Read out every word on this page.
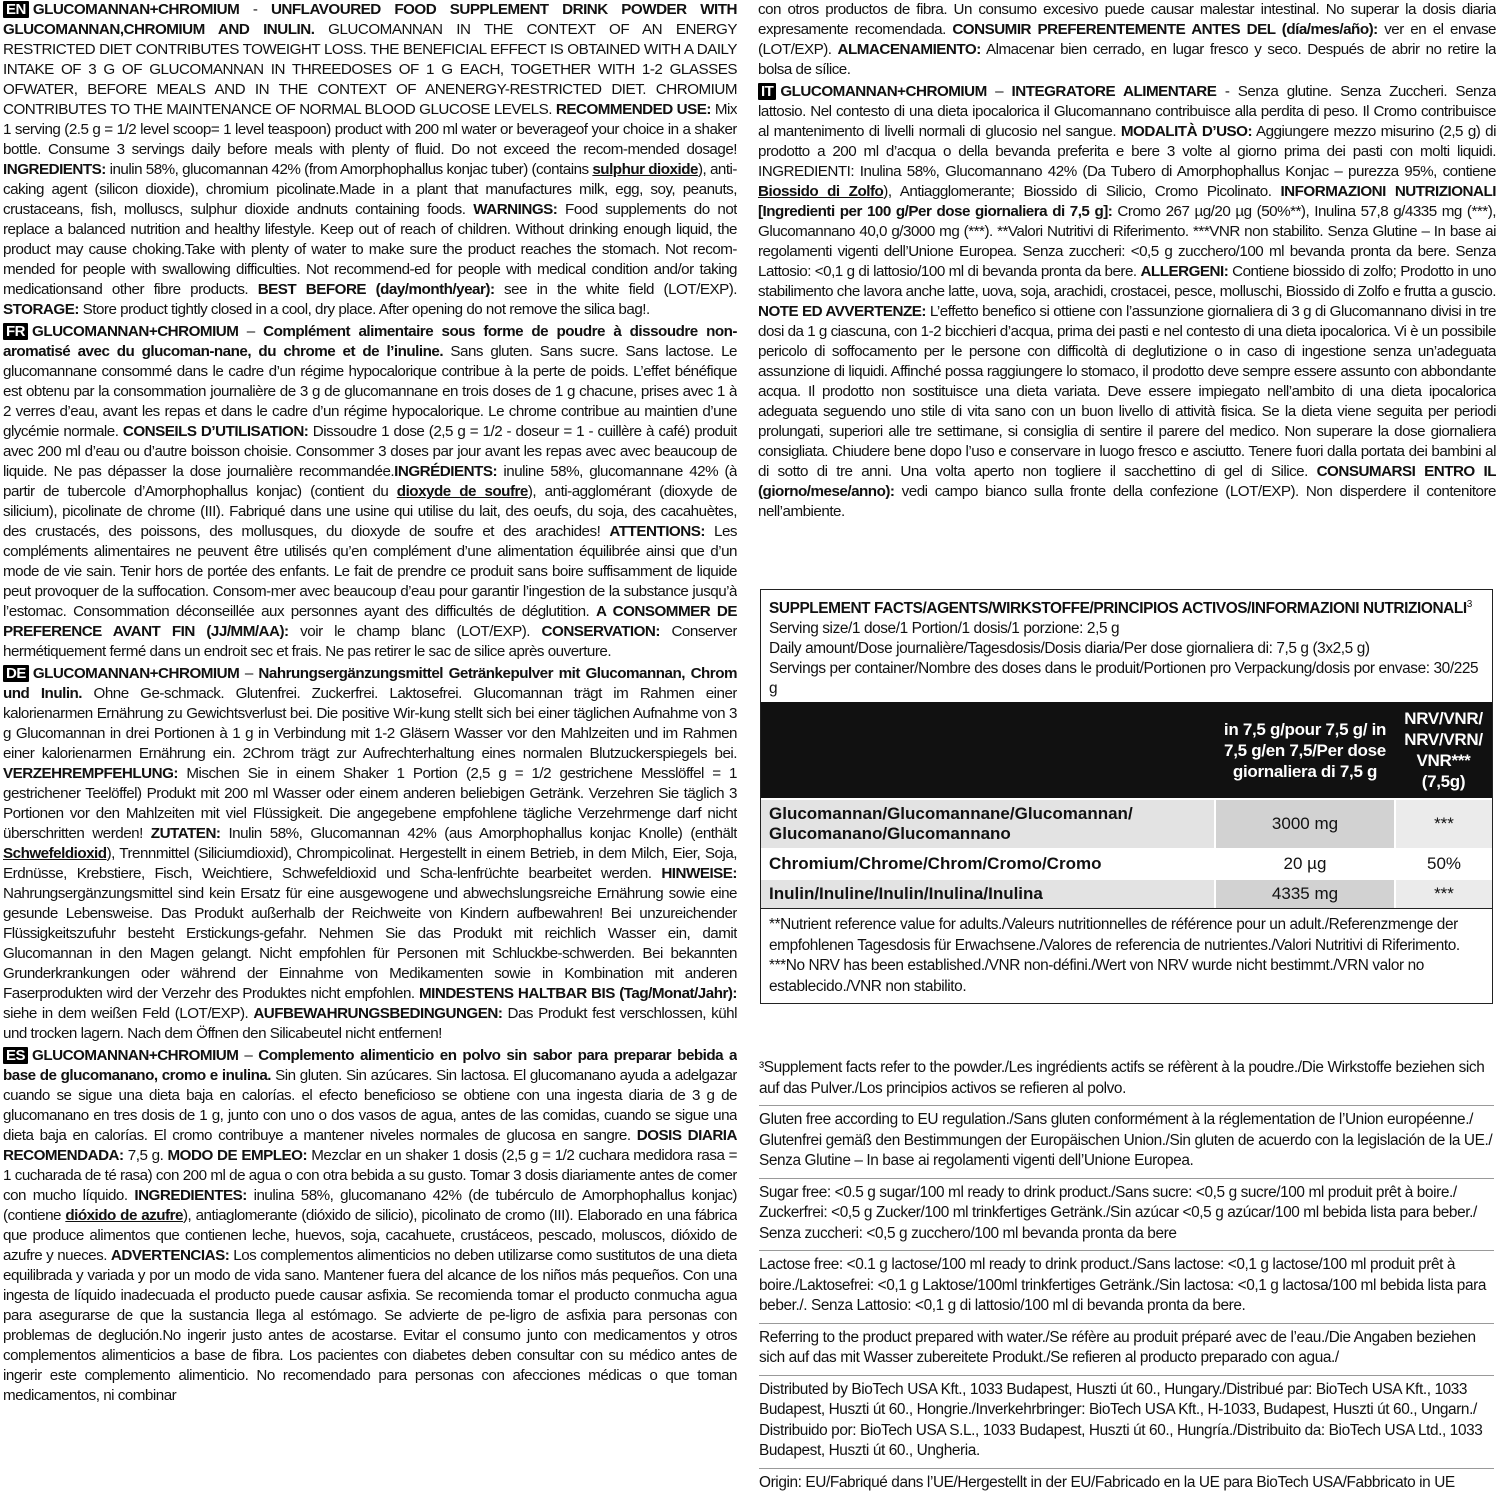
EN GLUCOMANNAN+CHROMIUM - UNFLAVOURED FOOD SUPPLEMENT DRINK POWDER WITH GLUCOMANNAN,CHROMIUM AND INULIN. GLUCOMANNAN IN THE CONTEXT OF AN ENERGY RESTRICTED DIET CONTRIBUTES TOWEIGHT LOSS. THE BENEFICIAL EFFECT IS OBTAINED WITH A DAILY INTAKE OF 3 G OF GLUCOMANNAN IN THREEDOSES OF 1 G EACH, TOGETHER WITH 1-2 GLASSES OFWATER, BEFORE MEALS AND IN THE CONTEXT OF ANENERGY-RESTRICTED DIET. CHROMIUM CONTRIBUTES TO THE MAINTENANCE OF NORMAL BLOOD GLUCOSE LEVELS. RECOMMENDED USE: Mix 1 serving (2.5 g = 1/2 level scoop= 1 level teaspoon) product with 200 ml water or beverageof your choice in a shaker bottle. Consume 3 servings daily before meals with plenty of fluid. Do not exceed the recom-mended dosage! INGREDIENTS: inulin 58%, glucomannan 42% (from Amorphophallus konjac tuber) (contains sulphur dioxide), anti-caking agent (silicon dioxide), chromium picolinate.Made in a plant that manufactures milk, egg, soy, peanuts, crustaceans, fish, molluscs, sulphur dioxide andnuts containing foods. WARNINGS: Food supplements do not replace a balanced nutrition and healthy lifestyle. Keep out of reach of children. Without drinking enough liquid, the product may cause choking.Take with plenty of water to make sure the product reaches the stomach. Not recom-mended for people with swallowing difficulties. Not recommend-ed for people with medical condition and/or taking medicationsand other fibre products. BEST BEFORE (day/month/year): see in the white field (LOT/EXP). STORAGE: Store product tightly closed in a cool, dry place. After opening do not remove the silica bag!.

FR GLUCOMANNAN+CHROMIUM – Complément alimentaire sous forme de poudre à dissoudre non-aromatisé avec du glucoman-nane, du chrome et de l’inuline. Sans gluten. Sans sucre. Sans lactose. Le glucomannane consommé dans le cadre d’un régime hypocalorique contribue à la perte de poids. L’effet bénéfique est obtenu par la consommation journalière de 3 g de glucomannane en trois doses de 1 g chacune, prises avec 1 à 2 verres d’eau, avant les repas et dans le cadre d’un régime hypocalorique. Le chrome contribue au maintien d’une glycémie normale. CONSEILS D’UTILISATION: Dissoudre 1 dose (2,5 g = 1/2 - doseur = 1 - cuillère à café) produit avec 200 ml d’eau ou d’autre boisson choisie. Consommer 3 doses par jour avant les repas avec avec beaucoup de liquide. Ne pas dépasser la dose journalière recommandée.INGRÉDIENTS: inuline 58%, glucomannane 42% (à partir de tubercole d’Amorphophallus konjac) (contient du dioxyde de soufre), anti-agglomérant (dioxyde de silicium), picolinate de chrome (III). Fabriqué dans une usine qui utilise du lait, des oeufs, du soja, des cacahuètes, des crustacés, des poissons, des mollusques, du dioxyde de soufre et des arachides! ATTENTIONS: Les compléments alimentaires ne peuvent être utilisés qu’en complément d’une alimentation équilibrée ainsi que d’un mode de vie sain. Tenir hors de portée des enfants. Le fait de prendre ce produit sans boire suffisamment de liquide peut provoquer de la suffocation. Consom-mer avec beaucoup d’eau pour garantir l’ingestion de la substance jusqu’à l’estomac. Consommation déconseillée aux personnes ayant des difficultés de déglutition. A CONSOMMER DE PREFERENCE AVANT FIN (JJ/MM/AA): voir le champ blanc (LOT/EXP). CONSERVATION: Conserver hermétiquement fermé dans un endroit sec et frais. Ne pas retirer le sac de silice après ouverture.

DE GLUCOMANNAN+CHROMIUM – Nahrungsergänzungsmittel Getränkepulver mit Glucomannan, Chrom und Inulin. Ohne Ge-schmack. Glutenfrei. Zuckerfrei. Laktosefrei. Glucomannan trägt im Rahmen einer kalorienarmen Ernährung zu Gewichtsverlust bei. Die positive Wir-kung stellt sich bei einer täglichen Aufnahme von 3 g Glucomannan in drei Portionen à 1 g in Verbindung mit 1-2 Gläsern Wasser vor den Mahlzeiten und im Rahmen einer kalorienarmen Ernährung ein. 2Chrom trägt zur Aufrechterhaltung eines normalen Blutzuckerspiegels bei. VERZEHREMPFEHLUNG: Mischen Sie in einem Shaker 1 Portion (2,5 g = 1/2 gestrichene Messlöffel = 1 gestrichener Teelöffel) Produkt mit 200 ml Wasser oder einem anderen beliebigen Getränk. Verzehren Sie täglich 3 Portionen vor den Mahlzeiten mit viel Flüssigkeit. Die angegebene empfohlene tägliche Verzehrmenge darf nicht überschritten werden! ZUTATEN: Inulin 58%, Glucomannan 42% (aus Amorphophallus konjac Knolle) (enthält Schwefeldioxid), Trennmittel (Siliciumdioxid), Chrompicolinat. Hergestellt in einem Betrieb, in dem Milch, Eier, Soja, Erdnüsse, Krebstiere, Fisch, Weichtiere, Schwefeldioxid und Scha-lenfrüchte bearbeitet werden. HINWEISE: Nahrungsergänzungsmittel sind kein Ersatz für eine ausgewogene und abwechslungsreiche Ernährung sowie eine gesunde Lebensweise. Das Produkt außerhalb der Reichweite von Kindern aufbewahren! Bei unzureichender Flüssigkeitszufuhr besteht Erstickungs-gefahr. Nehmen Sie das Produkt mit reichlich Wasser ein, damit Glucomannan in den Magen gelangt. Nicht empfohlen für Personen mit Schluckbe-schwerden. Bei bekannten Grunderkrankungen oder während der Einnahme von Medikamenten sowie in Kombination mit anderen Faserprodukten wird der Verzehr des Produktes nicht empfohlen. MINDESTENS HALTBAR BIS (Tag/Monat/Jahr): siehe in dem weißen Feld (LOT/EXP). AUFBEWAHRUNGSBEDINGUNGEN: Das Produkt fest verschlossen, kühl und trocken lagern. Nach dem Öffnen den Silicabeutel nicht entfernen!

ES GLUCOMANNAN+CHROMIUM – Complemento alimenticio en polvo sin sabor para preparar bebida a base de glucomanano, cromo e inulina. Sin gluten. Sin azúcares. Sin lactosa. El glucomanano ayuda a adelgazar cuando se sigue una dieta baja en calorías. el efecto beneficioso se obtiene con una ingesta diaria de 3 g de glucomanano en tres dosis de 1 g, junto con uno o dos vasos de agua, antes de las comidas, cuando se sigue una dieta baja en calorías. El cromo contribuye a mantener niveles normales de glucosa en sangre. DOSIS DIARIA RECOMENDADA: 7,5 g. MODO DE EMPLEO: Mezclar en un shaker 1 dosis (2,5 g = 1/2 cuchara medidora rasa = 1 cucharada de té rasa) con 200 ml de agua o con otra bebida a su gusto. Tomar 3 dosis diariamente antes de comer con mucho líquido. INGREDIENTES: inulina 58%, glucomanano 42% (de tubérculo de Amorphophallus konjac) (contiene dióxido de azufre), antiaglomerante (dióxido de silicio), picolinato de cromo (III). Elaborado en una fábrica que produce alimentos que contienen leche, huevos, soja, cacahuete, crustáceos, pescado, moluscos, dióxido de azufre y nueces. ADVERTENCIAS: Los complementos alimenticios no deben utilizarse como sustitutos de una dieta equilibrada y variada y por un modo de vida sano. Mantener fuera del alcance de los niños más pequeños. Con una ingesta de líquido inadecuada el producto puede causar asfixia. Se recomienda tomar el producto conmucha agua para asegurarse de que la sustancia llega al estómago. Se advierte de pe-ligro de asfixia para personas con problemas de deglución.No ingerir justo antes de acostarse. Evitar el consumo junto con medicamentos y otros complementos alimenticios a base de fibra. Los pacientes con diabetes deben consultar con su médico antes de ingerir este complemento alimenticio. No recomendado para personas con afecciones médicas o que toman medicamentos, ni combinar

con otros productos de fibra. Un consumo excesivo puede causar malestar intestinal. No superar la dosis diaria expresamente recomendada. CONSUMIR PREFERENTEMENTE ANTES DEL (día/mes/año): ver en el envase (LOT/EXP). ALMACENAMIENTO: Almacenar bien cerrado, en lugar fresco y seco. Después de abrir no retire la bolsa de sílice.

IT GLUCOMANNAN+CHROMIUM – INTEGRATORE ALIMENTARE - Senza glutine. Senza Zuccheri. Senza lattosio. Nel contesto di una dieta ipocalorica il Glucomannano contribuisce alla perdita di peso. Il Cromo contribuisce al mantenimento di livelli normali di glucosio nel sangue. MODALITÀ D’USO: Aggiungere mezzo misurino (2,5 g) di prodotto a 200 ml d’acqua o della bevanda preferita e bere 3 volte al giorno prima dei pasti con molti liquidi. INGREDIENTI: Inulina 58%, Glucomannano 42% (Da Tubero di Amorphophallus Konjac – purezza 95%, contiene Biossido di Zolfo), Antiagglomerante; Biossido di Silicio, Cromo Picolinato. INFORMAZIONI NUTRIZIONALI [Ingredienti per 100 g/Per dose giornaliera di 7,5 g]: Cromo 267 µg/20 µg (50%**), Inulina 57,8 g/4335 mg (***), Glucomannano 40,0 g/3000 mg (***). **Valori Nutritivi di Riferimento. ***VNR non stabilito. Senza Glutine – In base ai regolamenti vigenti dell’Unione Europea. Senza zuccheri: <0,5 g zucchero/100 ml bevanda pronta da bere. Senza Lattosio: <0,1 g di lattosio/100 ml di bevanda pronta da bere. ALLERGENI: Contiene biossido di zolfo; Prodotto in uno stabilimento che lavora anche latte, uova, soja, arachidi, crostacei, pesce, molluschi, Biossido di Zolfo e frutta a guscio. NOTE ED AVVERTENZE: L’effetto benefico si ottiene con l’assunzione giornaliera di 3 g di Glucomannano divisi in tre dosi da 1 g ciascuna, con 1-2 bicchieri d’acqua, prima dei pasti e nel contesto di una dieta ipocalorica. Vi è un possibile pericolo di soffocamento per le persone con difficoltà di deglutizione o in caso di ingestione senza un’adeguata assunzione di liquidi. Affinché possa raggiungere lo stomaco, il prodotto deve sempre essere assunto con abbondante acqua. Il prodotto non sostituisce una dieta variata. Deve essere impiegato nell’ambito di una dieta ipocalorica adeguata seguendo uno stile di vita sano con un buon livello di attività fisica. Se la dieta viene seguita per periodi prolungati, superiori alle tre settimane, si consiglia di sentire il parere del medico. Non superare la dose giornaliera consigliata. Chiudere bene dopo l’uso e conservare in luogo fresco e asciutto. Tenere fuori dalla portata dei bambini al di sotto di tre anni. Una volta aperto non togliere il sacchettino di gel di Silice. CONSUMARSI ENTRO IL (giorno/mese/anno): vedi campo bianco sulla fronte della confezione (LOT/EXP). Non disperdere il contenitore nell’ambiente.

SUPPLEMENT FACTS/AGENTS/WIRKSTOFFE/PRINCIPIOS ACTIVOS/INFORMAZIONI NUTRIZIONALI$^3$
Serving size/1 dose/1 Portion/1 dosis/1 porzione: 2,5 g
Daily amount/Dose journalière/Tagesdosis/Dosis diaria/Per dose giornaliera di: 7,5 g (3x2,5 g)
Servings per container/Nombre des doses dans le produit/Portionen pro Verpackung/dosis por envase: 30/225 g
	in 7,5 g/pour 7,5 g/ in 7,5 g/en 7,5/Per dose giornaliera di 7,5 g	NRV/VNR/ NRV/VRN/ VNR*** (7,5g)
Glucomannan/Glucomannane/Glucomannan/ Glucomanano/Glucomannano	3000 mg	***
Chromium/Chrome/Chrom/Cromo/Cromo	20 µg	50%
Inulin/Inuline/Inulin/Inulina/Inulina	4335 mg	***
**Nutrient reference value for adults./Valeurs nutritionnelles de référence pour un adult./Referenzmenge der empfohlenen Tagesdosis für Erwachsene./Valores de referencia de nutrientes./Valori Nutritivi di Riferimento. ***No NRV has been established./VNR non-défini./Wert von NRV wurde nicht bestimmt./VRN valor no establecido./VNR non stabilito.

³Supplement facts refer to the powder./Les ingrédients actifs se réfèrent à la poudre./Die Wirkstoffe beziehen sich auf das Pulver./Los principios activos se refieren al polvo.

Gluten free according to EU regulation./Sans gluten conformément à la réglementation de l’Union européenne./ Glutenfrei gemäß den Bestimmungen der Europäischen Union./Sin gluten de acuerdo con la legislación de la UE./ Senza Glutine – In base ai regolamenti vigenti dell’Unione Europea.

Sugar free: <0.5 g sugar/100 ml ready to drink product./Sans sucre: <0,5 g sucre/100 ml produit prêt à boire./ Zuckerfrei: <0,5 g Zucker/100 ml trinkfertiges Getränk./Sin azúcar <0,5 g azúcar/100 ml bebida lista para beber./ Senza zuccheri: <0,5 g zucchero/100 ml bevanda pronta da bere

Lactose free: <0.1 g lactose/100 ml ready to drink product./Sans lactose: <0,1 g lactose/100 ml produit prêt à boire./Laktosefrei: <0,1 g Laktose/100ml trinkfertiges Getränk./Sin lactosa: <0,1 g lactosa/100 ml bebida lista para beber./. Senza Lattosio: <0,1 g di lattosio/100 ml di bevanda pronta da bere.

Referring to the product prepared with water./Se réfère au produit préparé avec de l’eau./Die Angaben beziehen sich auf das mit Wasser zubereitete Produkt./Se refieren al producto preparado con agua./

Distributed by BioTech USA Kft., 1033 Budapest, Huszti út 60., Hungary./Distribué par: BioTech USA Kft., 1033 Budapest, Huszti út 60., Hongrie./Inverkehrbringer: BioTech USA Kft., H-1033, Budapest, Huszti út 60., Ungarn./ Distribuido por: BioTech USA S.L., 1033 Budapest, Huszti út 60., Hungría./Distribuito da: BioTech USA Ltd., 1033 Budapest, Huszti út 60., Ungheria.

Origin: EU/Fabriqué dans l’UE/Hergestellt in der EU/Fabricado en la UE para BioTech USA/Fabbricato in UE
